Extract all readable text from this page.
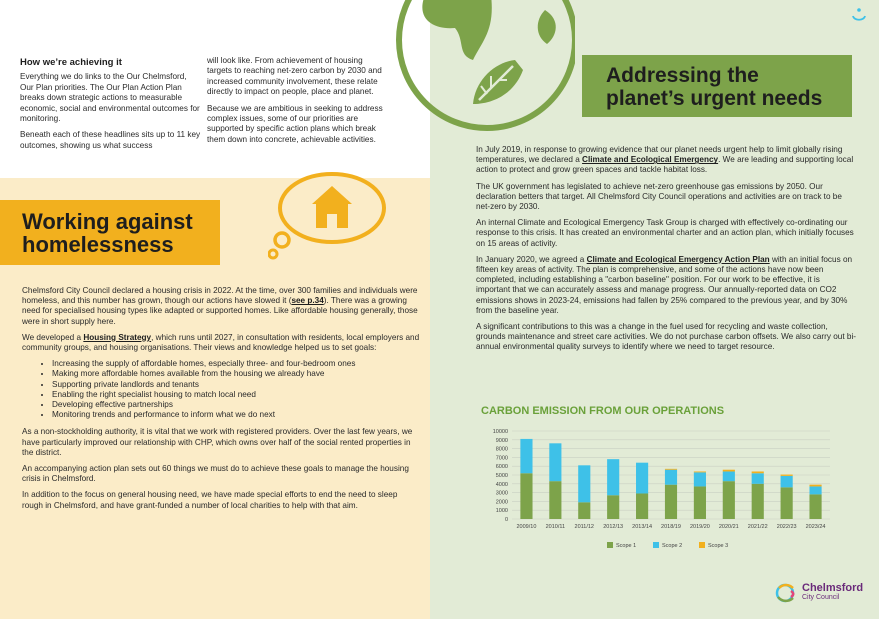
How we’re achieving it

Everything we do links to the Our Chelmsford, Our Plan priorities. The Our Plan Action Plan breaks down strategic actions to measurable economic, social and environmental outcomes for monitoring.

Beneath each of these headlines sits up to 11 key outcomes, showing us what success

will look like. From achievement of housing targets to reaching net-zero carbon by 2030 and increased community involvement, these relate directly to impact on people, place and planet.

Because we are ambitious in seeking to address complex issues, some of our priorities are supported by specific action plans which break them down into concrete, achievable activities.

Working against homelessness

Chelmsford City Council declared a housing crisis in 2022. At the time, over 300 families and individuals were homeless, and this number has grown, though our actions have slowed it (see p.34). There was a growing need for specialised housing types like adapted or supported homes. Like affordable housing generally, those were in short supply here.

We developed a Housing Strategy, which runs until 2027, in consultation with residents, local employers and community groups, and housing organisations. Their views and knowledge helped us to set goals:

• Increasing the supply of affordable homes, especially three- and four-bedroom ones
• Making more affordable homes available from the housing we already have
• Supporting private landlords and tenants
• Enabling the right specialist housing to match local need
• Developing effective partnerships
• Monitoring trends and performance to inform what we do next

As a non-stockholding authority, it is vital that we work with registered providers. Over the last few years, we have particularly improved our relationship with CHP, which owns over half of the social rented properties in the district.

An accompanying action plan sets out 60 things we must do to achieve these goals to manage the housing crisis in Chelmsford.

In addition to the focus on general housing need, we have made special efforts to end the need to sleep rough in Chelmsford, and have grant-funded a number of local charities to help with that aim.

Addressing the planet’s urgent needs

In July 2019, in response to growing evidence that our planet needs urgent help to limit globally rising temperatures, we declared a Climate and Ecological Emergency. We are leading and supporting local action to protect and grow green spaces and tackle habitat loss.

The UK government has legislated to achieve net-zero greenhouse gas emissions by 2050. Our declaration betters that target. All Chelmsford City Council operations and activities are on track to be net-zero by 2030.

An internal Climate and Ecological Emergency Task Group is charged with effectively co-ordinating our response to this crisis. It has created an environmental charter and an action plan, which initially focuses on 15 areas of activity.

In January 2020, we agreed a Climate and Ecological Emergency Action Plan with an initial focus on fifteen key areas of activity. The plan is comprehensive, and some of the actions have now been completed, including establishing a "carbon baseline" position. For our work to be effective, it is important that we can accurately assess and manage progress. Our annually-reported data on CO2 emissions shows in 2023-24, emissions had fallen by 25% compared to the previous year, and by 30% from the baseline year.

A significant contributions to this was a change in the fuel used for recycling and waste collection, grounds maintenance and street care activities. We do not purchase carbon offsets. We also carry out bi-annual environmental quality surveys to identify where we need to target resource.

CARBON EMISSION FROM OUR OPERATIONS
0
1000
2000
3000
4000
5000
6000
7000
8000
9000
10000
2009/10 2010/11 2011/12 2012/13 2013/14 2018/19 2019/20 2020/21 2021/22 2022/23 2023/24
Scope 1	Scope 2	Scope 3
Chelmsford
City Council
